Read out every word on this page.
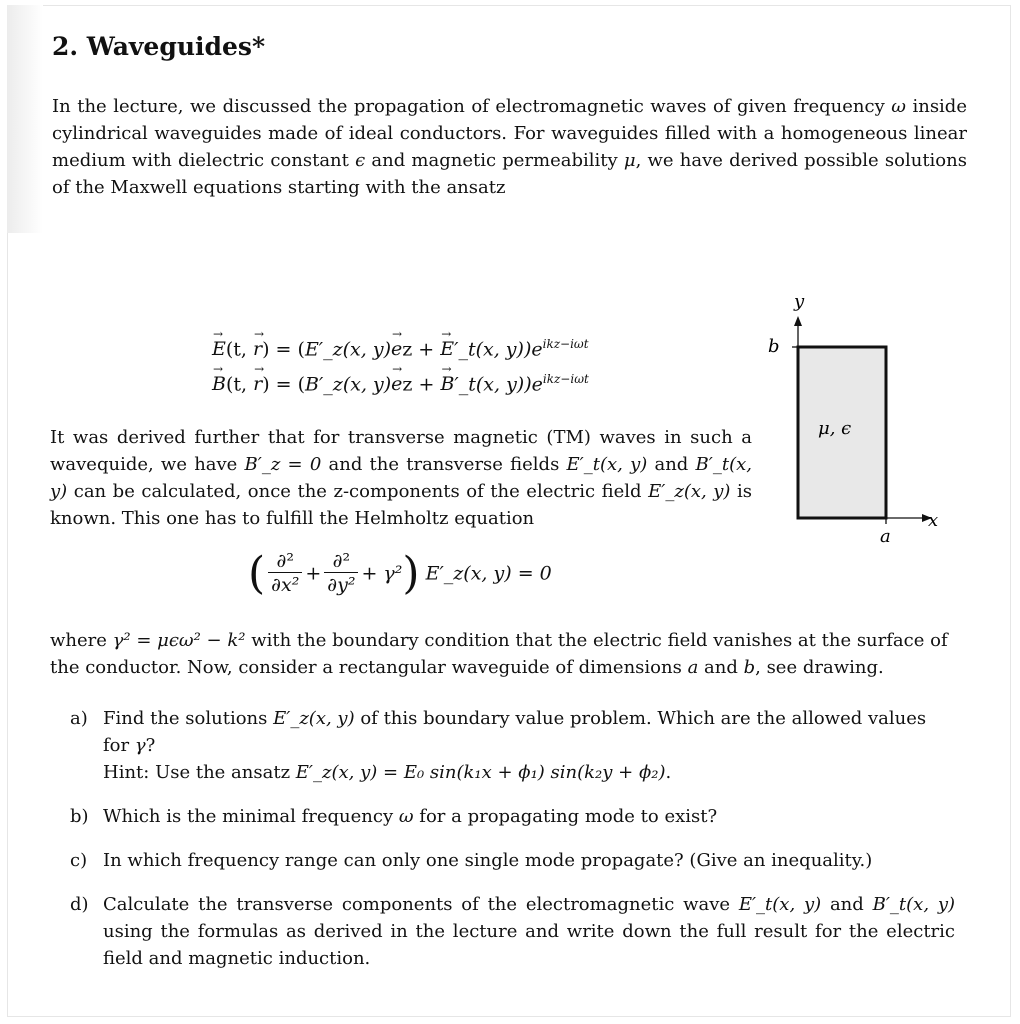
2. Waveguides*

In the lecture, we discussed the propagation of electromagnetic waves of given frequency ω inside cylindrical waveguides made of ideal conductors. For waveguides filled with a homogeneous linear medium with dielectric constant ϵ and magnetic permeability μ, we have derived possible solutions of the Maxwell equations starting with the ansatz

→ E(t, → r) = (E′_z(x, y)→ ez + → E′_t(x, $y))e^{ikz-i\omega t}$
→ B(t, → r) = (B′_z(x, y)→ ez + → B′_t(x, $y))e^{ikz-i\omega t}$

It was derived further that for transverse magnetic (TM) waves in such a wavequide, we have B′_z = 0 and the transverse fields E′_t(x, y) and B′_t(x, y) can be calculated, once the z-components of the electric field E′_z(x, y) is known. This one has to fulfill the Helmholtz equation

( $\frac{\text{∂²}}{\text{∂x²}} + \frac{\text{∂²}}{\text{∂y²}} + \gamma^2$) E′_z(x, y) = 0

where γ² = μϵω² − k² with the boundary condition that the electric field vanishes at the surface of the conductor. Now, consider a rectangular waveguide of dimensions a and b, see drawing.

y
x
a
b
μ, ϵ
a) Find the solutions E′_z(x, y) of this boundary value problem. Which are the allowed values for γ?
Hint: Use the ansatz E′_z(x, y) = E₀ sin(k₁x + ϕ₁) sin(k₂y + ϕ₂).
b) Which is the minimal frequency ω for a propagating mode to exist?
c) In which frequency range can only one single mode propagate? (Give an inequality.)
d) Calculate the transverse components of the electromagnetic wave E′_t(x, y) and B′_t(x, y) using the formulas as derived in the lecture and write down the full result for the electric field and magnetic induction.
